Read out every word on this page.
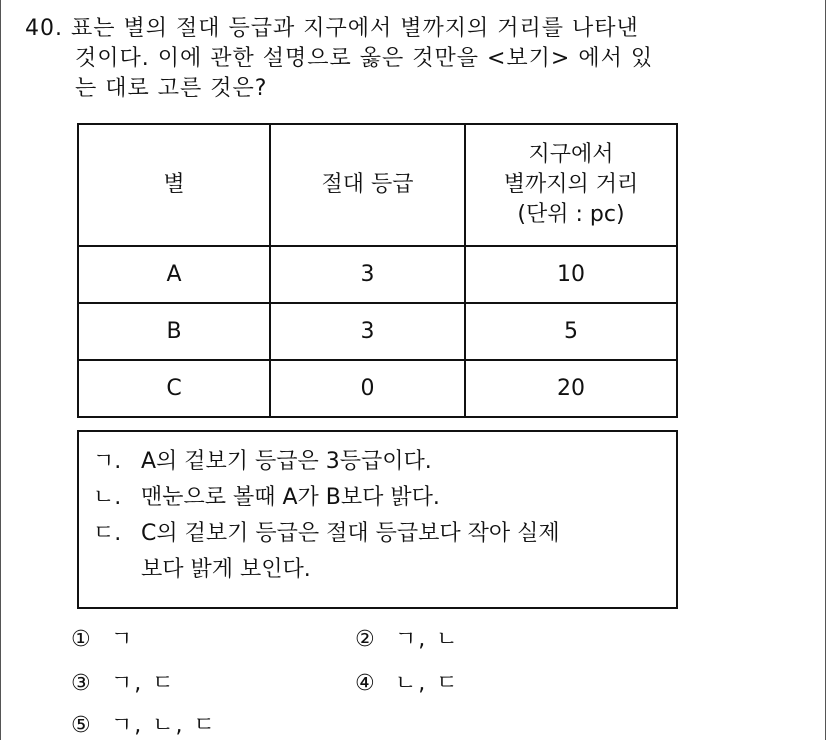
40. 표는 별의 절대 등급과 지구에서 별까지의 거리를 나타낸
것이다. 이에 관한 설명으로 옳은 것만을 <보기> 에서 있
는 대로 고른 것은?
별	절대 등급	지구에서
별까지의 거리
(단위 : pc)

A	3	10
B	3	5
C	0	20
ㄱ. A의 겉보기 등급은 3등급이다.
ㄴ. 맨눈으로 볼때 A가 B보다 밝다.
ㄷ. C의 겉보기 등급은 절대 등급보다 작아 실제
보다 밝게 보인다.
① ㄱ	② ㄱ, ㄴ
③ ㄱ, ㄷ	④ ㄴ, ㄷ
⑤ ㄱ, ㄴ, ㄷ
